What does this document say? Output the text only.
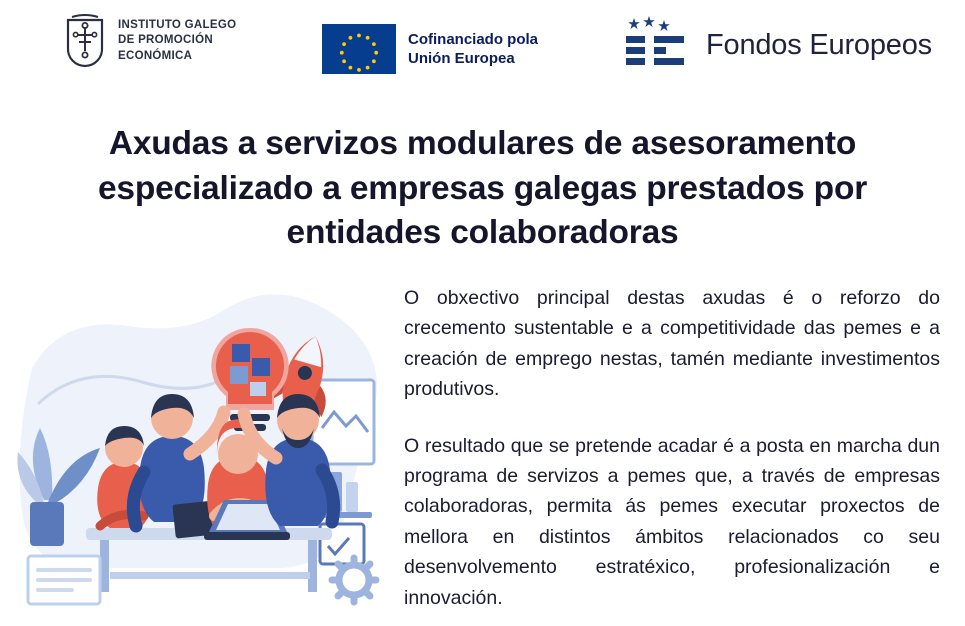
INSTITUTO GALEGO
DE PROMOCIÓN
ECONÓMICA
Cofinanciado pola
Unión Europea	Fondos Europeos
Axudas a servizos modulares de asesoramento especializado a empresas galegas prestados por entidades colaboradoras

O obxectivo principal destas axudas é o reforzo do crecemento sustentable e a competitividade das pemes e a creación de emprego nestas, tamén mediante investimentos produtivos.

O resultado que se pretende acadar é a posta en marcha dun programa de servizos a pemes que, a través de empresas colaboradoras, permita ás pemes executar proxectos de mellora en distintos ámbitos relacionados co seu desenvolvemento estratéxico, profesionalización e innovación.
